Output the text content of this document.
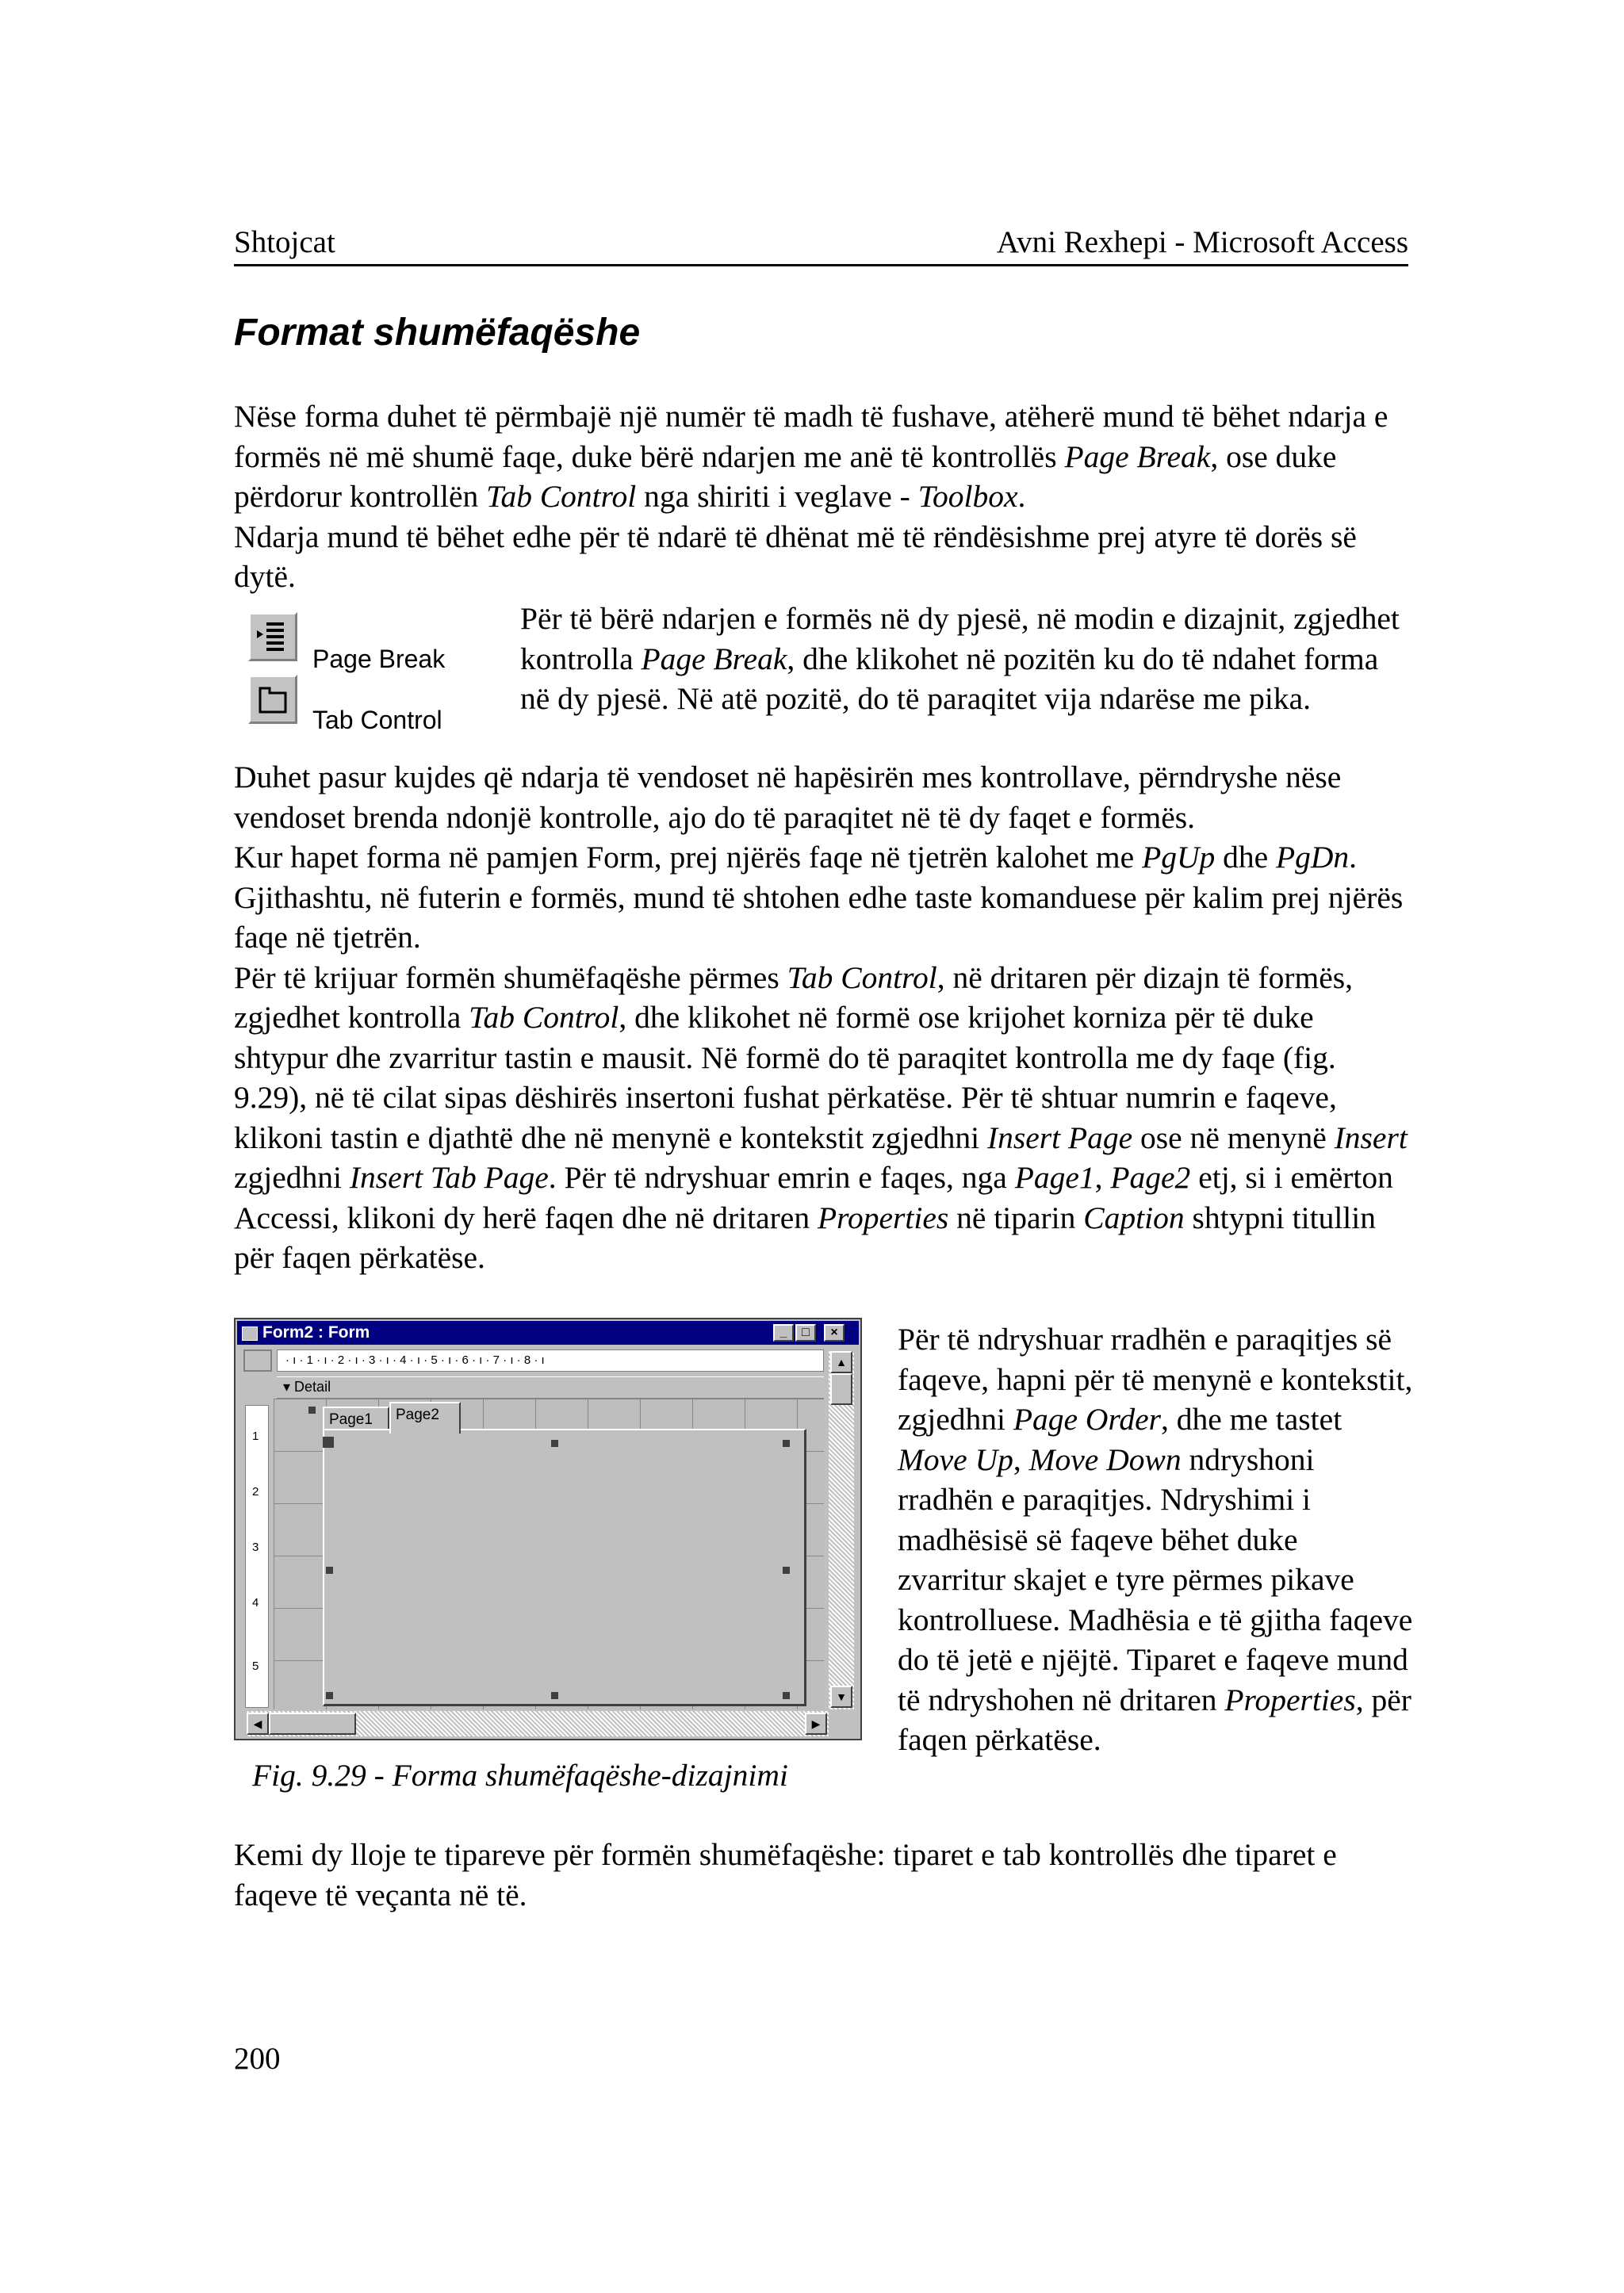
Shtojcat	Avni Rexhepi - Microsoft Access
Format shumëfaqëshe

Nëse forma duhet të përmbajë një numër të madh të fushave, atëherë mund të bëhet ndarja e formës në më shumë faqe, duke bërë ndarjen me anë të kontrollës Page Break, ose duke përdorur kontrollën Tab Control nga shiriti i veglave - Toolbox.

Ndarja mund të bëhet edhe për të ndarë të dhënat më të rëndësishme prej atyre të dorës së dytë.

Page Break
Tab Control

Për të bërë ndarjen e formës në dy pjesë, në modin e dizajnit, zgjedhet kontrolla Page Break, dhe klikohet në pozitën ku do të ndahet forma në dy pjesë. Në atë pozitë, do të paraqitet vija ndarëse me pika.

Duhet pasur kujdes që ndarja të vendoset në hapësirën mes kontrollave, përndryshe nëse vendoset brenda ndonjë kontrolle, ajo do të paraqitet në të dy faqet e formës.

Kur hapet forma në pamjen Form, prej njërës faqe në tjetrën kalohet me PgUp dhe PgDn. Gjithashtu, në futerin e formës, mund të shtohen edhe taste komanduese për kalim prej njërës faqe në tjetrën.

Për të krijuar formën shumëfaqëshe përmes Tab Control, në dritaren për dizajn të formës, zgjedhet kontrolla Tab Control, dhe klikohet në formë ose krijohet korniza për të duke shtypur dhe zvarritur tastin e mausit. Në formë do të paraqitet kontrolla me dy faqe (fig. 9.29), në të cilat sipas dëshirës insertoni fushat përkatëse. Për të shtuar numrin e faqeve, klikoni tastin e djathtë dhe në menynë e kontekstit zgjedhni Insert Page ose në menynë Insert zgjedhni Insert Tab Page. Për të ndryshuar emrin e faqes, nga Page1, Page2 etj, si i emërton Accessi, klikoni dy herë faqen dhe në dritaren Properties në tiparin Caption shtypni titullin për faqen përkatëse.

Form2 : Form	_	□	×
· ı · 1 · ı · 2 · ı · 3 · ı · 4 · ı · 5 · ı · 6 · ı · 7 · ı · 8 · ı
▾ Detail
1
2
3
4
5
Page1	Page2
▲
▼
◀	▶
Fig. 9.29 - Forma shumëfaqëshe-dizajnimi

Për të ndryshuar rradhën e paraqitjes së faqeve, hapni për të menynë e kontekstit, zgjedhni Page Order, dhe me tastet Move Up, Move Down ndryshoni rradhën e paraqitjes. Ndryshimi i madhësisë së faqeve bëhet duke zvarritur skajet e tyre përmes pikave kontrolluese. Madhësia e të gjitha faqeve do të jetë e njëjtë. Tiparet e faqeve mund të ndryshohen në dritaren Properties, për faqen përkatëse.

Kemi dy lloje te tipareve për formën shumëfaqëshe: tiparet e tab kontrollës dhe tiparet e faqeve të veçanta në të.

200
